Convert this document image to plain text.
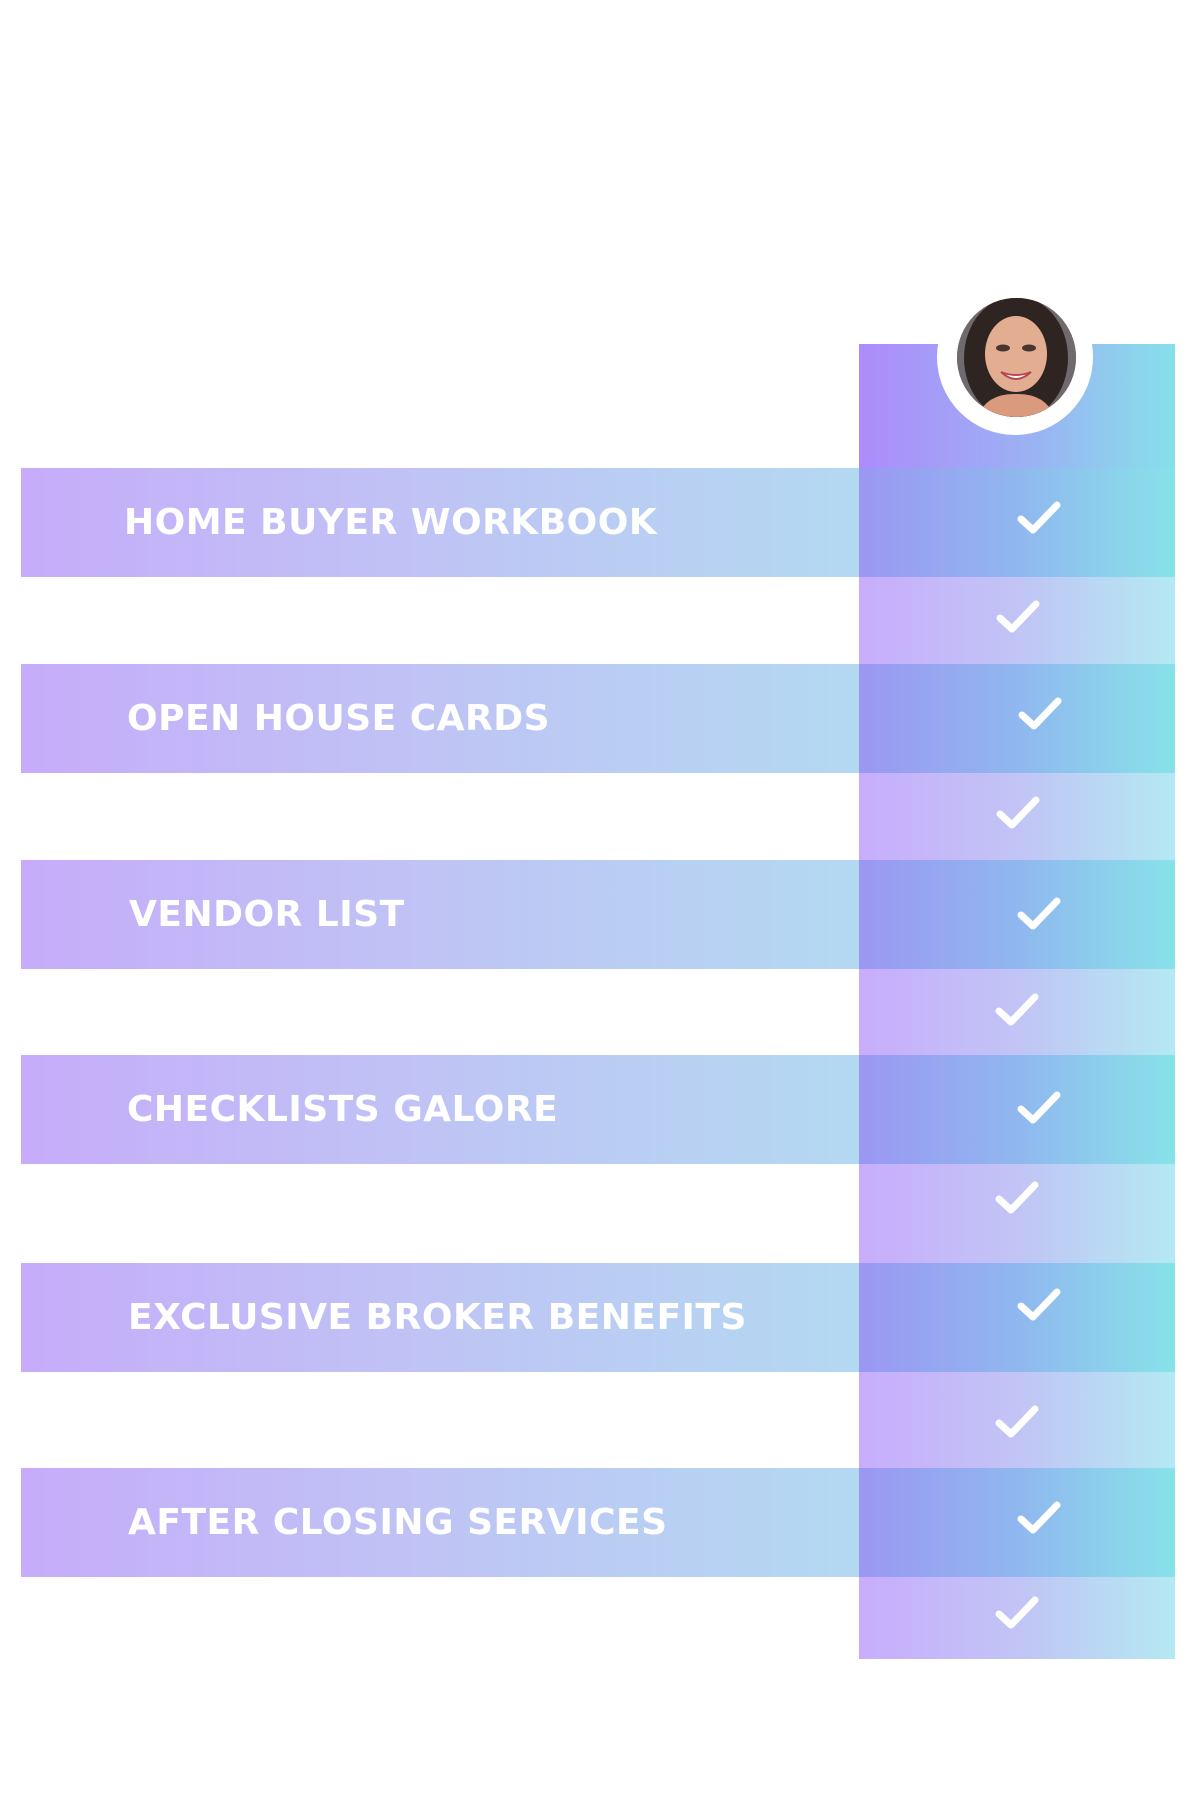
HOME BUYER WORKBOOK
OPEN HOUSE CARDS
VENDOR LIST
CHECKLISTS GALORE
EXCLUSIVE BROKER BENEFITS
AFTER CLOSING SERVICES
